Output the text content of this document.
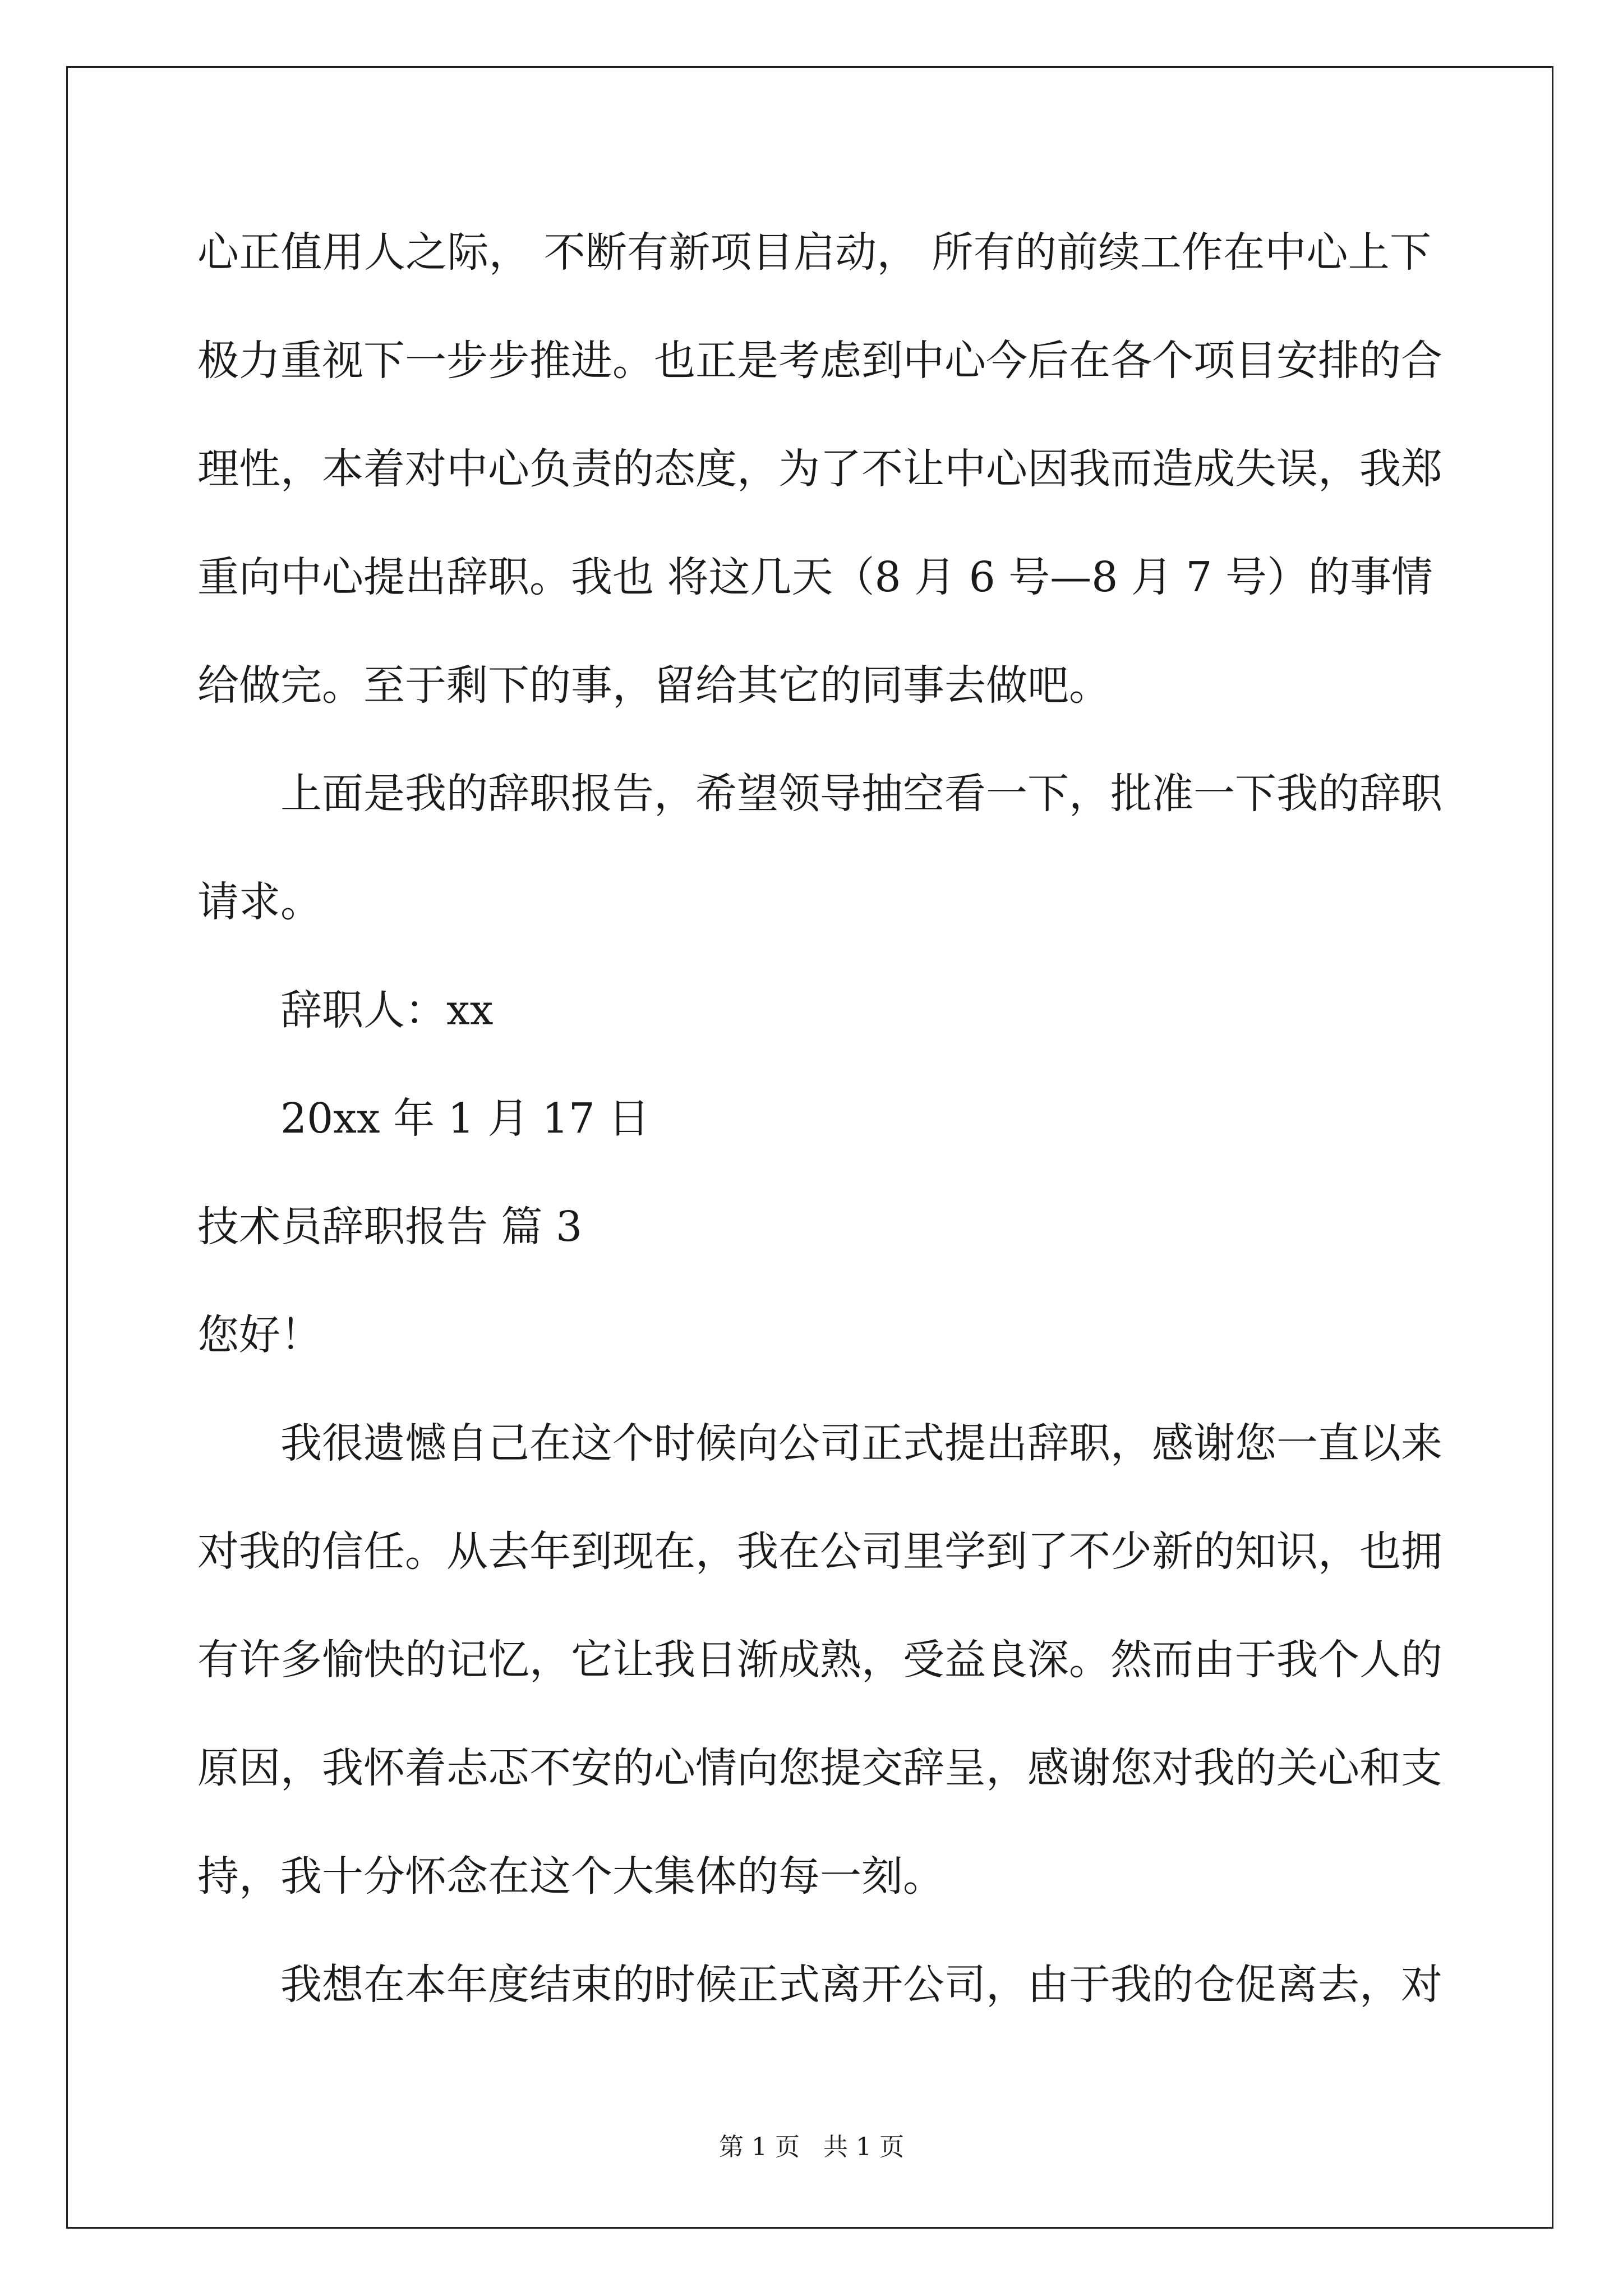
心正值用人之际， 不断有新项目启动， 所有的前续工作在中心上下
极力重视下一步步推进。也正是考虑到中心今后在各个项目安排的合
理性，本着对中心负责的态度，为了不让中心因我而造成失误，我郑
重向中心提出辞职。我也 将这几天（8 月 6 号—8 月 7 号）的事情
给做完。至于剩下的事，留给其它的同事去做吧。
上面是我的辞职报告，希望领导抽空看一下，批准一下我的辞职
请求。
辞职人：xx
20xx 年 1 月 17 日
技术员辞职报告 篇 3
您好！
我很遗憾自己在这个时候向公司正式提出辞职，感谢您一直以来
对我的信任。从去年到现在，我在公司里学到了不少新的知识，也拥
有许多愉快的记忆，它让我日渐成熟，受益良深。然而由于我个人的
原因，我怀着忐忑不安的心情向您提交辞呈，感谢您对我的关心和支
持，我十分怀念在这个大集体的每一刻。
我想在本年度结束的时候正式离开公司，由于我的仓促离去，对
第 1 页   共 1 页
